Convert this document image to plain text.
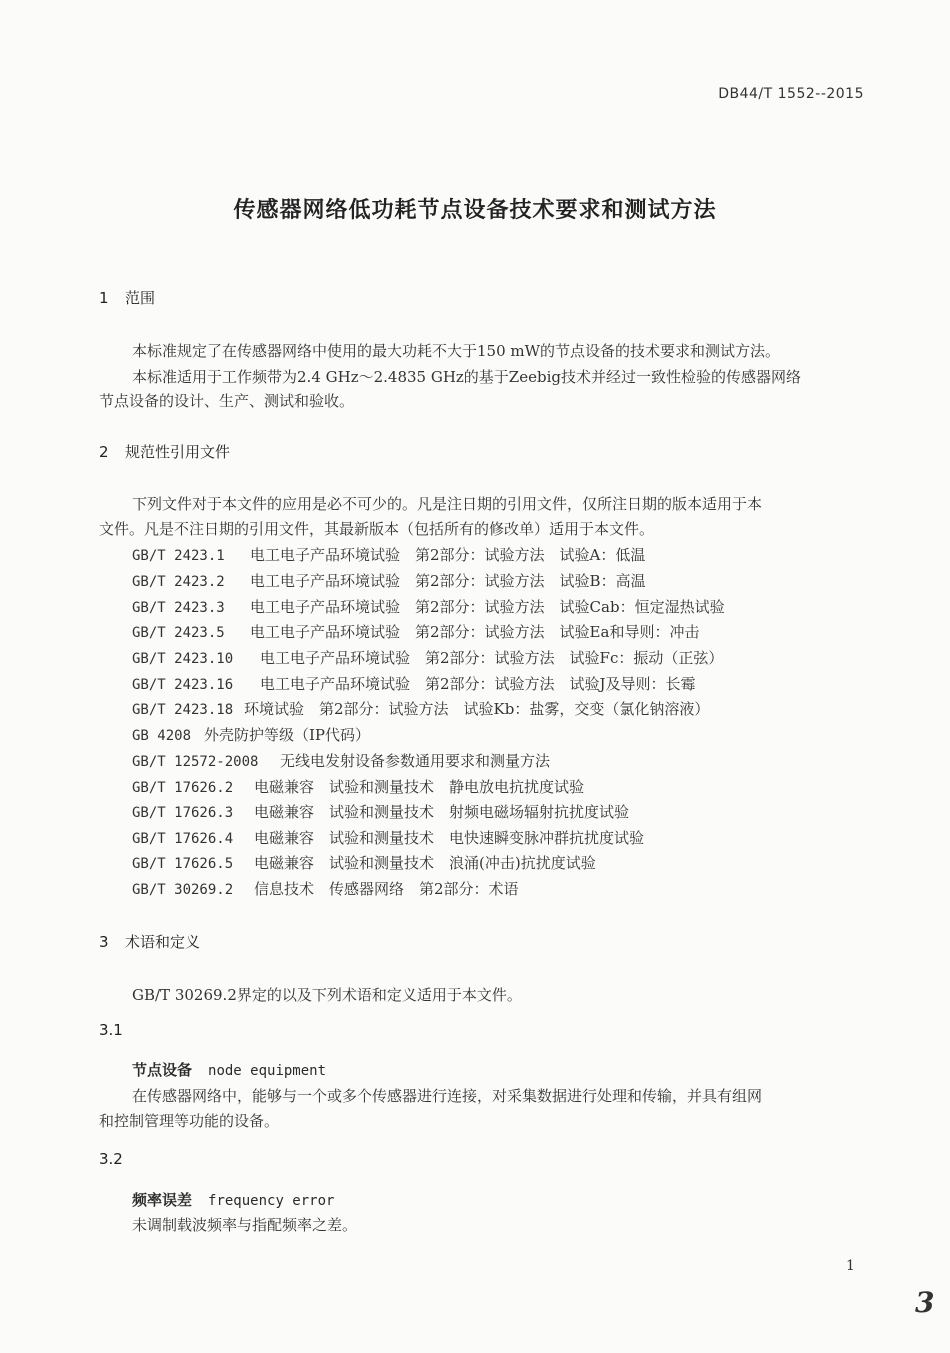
DB44/T 1552--2015
传感器网络低功耗节点设备技术要求和测试方法
1 范围
本标准规定了在传感器网络中使用的最大功耗不大于150 mW的节点设备的技术要求和测试方法。
本标准适用于工作频带为2.4 GHz～2.4835 GHz的基于Zeebig技术并经过一致性检验的传感器网络
节点设备的设计、生产、测试和验收。
2 规范性引用文件
下列文件对于本文件的应用是必不可少的。凡是注日期的引用文件，仅所注日期的版本适用于本
文件。凡是不注日期的引用文件，其最新版本（包括所有的修改单）适用于本文件。
GB/T 2423.1 电工电子产品环境试验　第2部分：试验方法　试验A：低温
GB/T 2423.2 电工电子产品环境试验　第2部分：试验方法　试验B：高温
GB/T 2423.3 电工电子产品环境试验　第2部分：试验方法　试验Cab：恒定湿热试验
GB/T 2423.5 电工电子产品环境试验　第2部分：试验方法　试验Ea和导则：冲击
GB/T 2423.10 电工电子产品环境试验　第2部分：试验方法　试验Fc：振动（正弦）
GB/T 2423.16 电工电子产品环境试验　第2部分：试验方法　试验J及导则：长霉
GB/T 2423.18 环境试验　第2部分：试验方法　试验Kb：盐雾，交变（氯化钠溶液）
GB 4208 外壳防护等级（IP代码）
GB/T 12572-2008 无线电发射设备参数通用要求和测量方法
GB/T 17626.2 电磁兼容　试验和测量技术　静电放电抗扰度试验
GB/T 17626.3 电磁兼容　试验和测量技术　射频电磁场辐射抗扰度试验
GB/T 17626.4 电磁兼容　试验和测量技术　电快速瞬变脉冲群抗扰度试验
GB/T 17626.5 电磁兼容　试验和测量技术　浪涌(冲击)抗扰度试验
GB/T 30269.2 信息技术　传感器网络　第2部分：术语
3 术语和定义
GB/T 30269.2界定的以及下列术语和定义适用于本文件。
3.1
节点设备 node equipment
在传感器网络中，能够与一个或多个传感器进行连接，对采集数据进行处理和传输，并具有组网
和控制管理等功能的设备。
3.2
频率误差 frequency error
未调制载波频率与指配频率之差。
1
3
